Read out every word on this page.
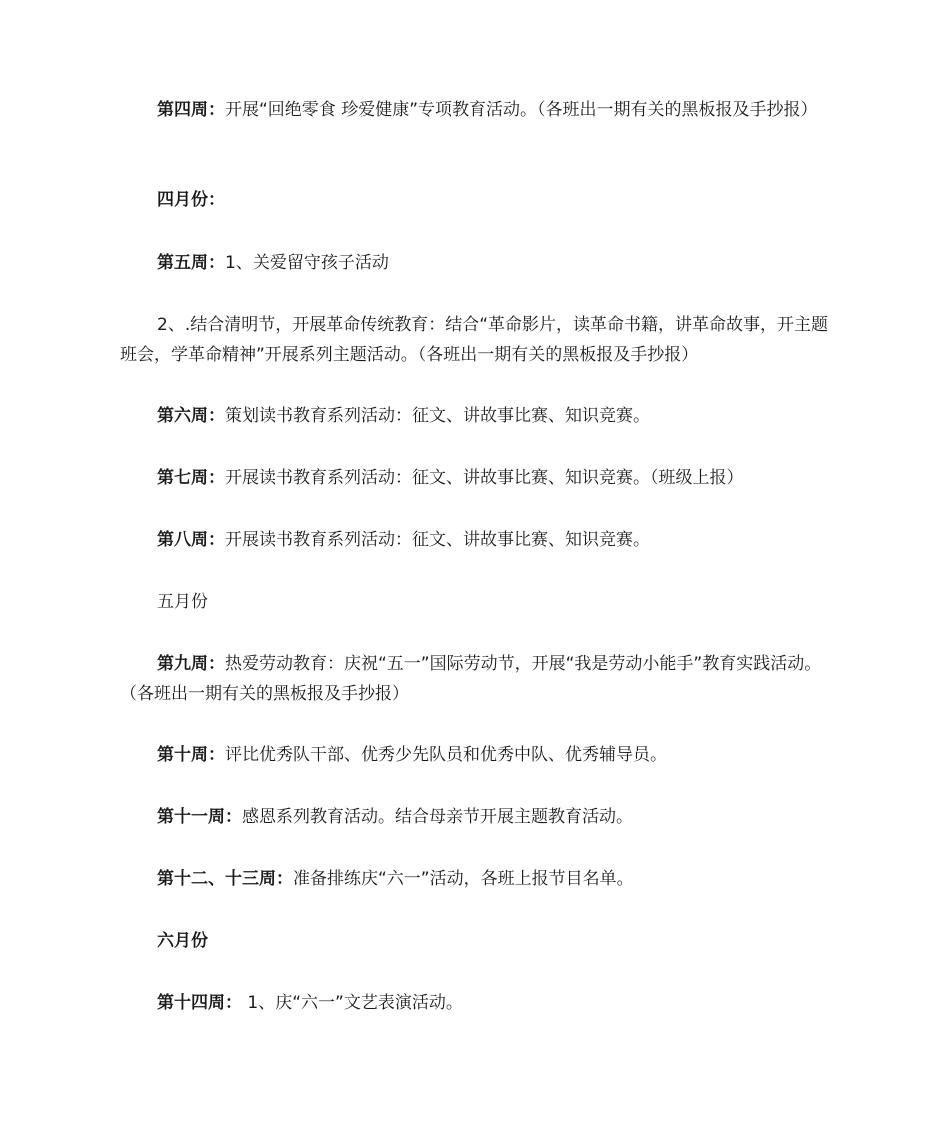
第四周：开展“回绝零食 珍爱健康”专项教育活动。（各班出一期有关的黑板报及手抄报）

四月份：

第五周：1、关爱留守孩子活动

2、.结合清明节，开展革命传统教育：结合“革命影片，读革命书籍，讲革命故事，开主题班会，学革命精神”开展系列主题活动。（各班出一期有关的黑板报及手抄报）

第六周：策划读书教育系列活动：征文、讲故事比赛、知识竞赛。

第七周：开展读书教育系列活动：征文、讲故事比赛、知识竞赛。（班级上报）

第八周：开展读书教育系列活动：征文、讲故事比赛、知识竞赛。

五月份

第九周：热爱劳动教育：庆祝“五一”国际劳动节，开展“我是劳动小能手”教育实践活动。（各班出一期有关的黑板报及手抄报）

第十周：评比优秀队干部、优秀少先队员和优秀中队、优秀辅导员。

第十一周：感恩系列教育活动。结合母亲节开展主题教育活动。

第十二、十三周：准备排练庆“六一”活动，各班上报节目名单。

六月份

第十四周： 1、庆“六一”文艺表演活动。
